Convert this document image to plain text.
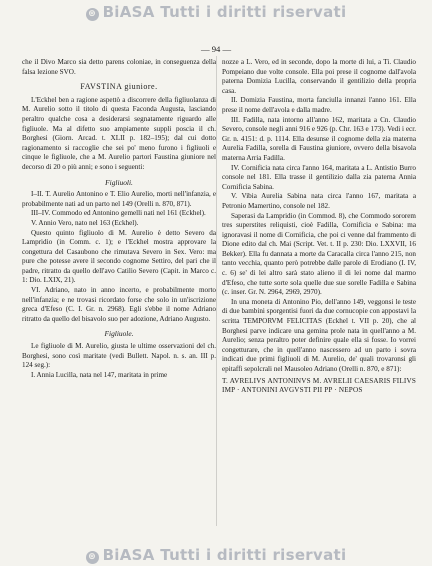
⊛ BiASA Tutti i diritti riservati
— 94 —

che il Divo Marco sia detto parens coloniae, in conseguenza della falsa lezione SVO.

FAVSTINA giuniore.

L'Eckhel ben a ragione aspettò a discorrere della figliuolanza di M. Aurelio sotto il titolo di questa Faconda Augusta, lasciando peraltro qualche cosa a desiderarsi segnatamente riguardo alle figliuole. Ma al difetto suo ampiamente suppli poscia il ch. Borghesi (Giorn. Arcad. t. XLII p. 182–195); dal cui dotto ragionamento si raccoglie che sei po' meno furono i figliuoli e cinque le figliuole, che a M. Aurelio partori Faustina giuniore nel decorso di 20 o più anni; e sono i seguenti:

Figliuoli.

I–II. T. Aurelio Antonino e T. Elio Aurelio, morti nell'infanzia, e probabilmente nati ad un parto nel 149 (Orelli n. 870, 871).

III–IV. Commodo ed Antonino gemelli nati nel 161 (Eckhel).

V. Annio Vero, nato nel 163 (Eckhel).

Questo quinto figliuolo di M. Aurelio è detto Severo da Lampridio (in Comm. c. 1); e l'Eckhel mostra approvare la congettura del Casaubono che rimutava Severo in Sex. Vero: ma pure che potesse avere il secondo cognome Settiro, del pari che il padre, ritratto da quello dell'avo Catilio Severo (Capit. in Marco c. 1: Dio. LXIX, 21).

VI. Adriano, nato in anno incerto, e probabilmente morto nell'infanzia; e ne trovasi ricordato forse che solo in un'iscrizione greca d'Efeso (C. I. Gr. n. 2968). Egli s'ebbe il nome Adriano ritratto da quello del bisavolo suo per adozione, Adriano Augusto.

Figliuole.

Le figliuole di M. Aurelio, giusta le ultime osservazioni del ch. Borghesi, sono così maritate (vedi Bullett. Napol. n. s. an. III p. 124 seg.):

I. Annia Lucilla, nata nel 147, maritata in prime

nozze a L. Vero, ed in seconde, dopo la morte di lui, a Ti. Claudio Pompeiano due volte console. Ella poi prese il cognome dall'avola paterna Domizia Lucilla, conservando il gentilizio della propria casa.

II. Domizia Faustina, morta fanciulla innanzi l'anno 161. Ella prese il nome dell'avola e dalla madre.

III. Fadilla, nata intorno all'anno 162, maritata a Cn. Claudio Severo, console negli anni 916 e 926 (p. Chr. 163 e 173). Vedi i ecr. Gr. n. 4151: d. p. 1114. Ella desunse il cognome della zia materna Aurelia Fadilla, sorella di Faustina giuniore, ovvero della bisavola materna Arria Fadilla.

IV. Cornificia nata circa l'anno 164, maritata a L. Antistio Burro console nel 181. Ella trasse il gentilizio dalla zia paterna Annia Cornificia Sabina.

V. Vibia Aurelia Sabina nata circa l'anno 167, maritata a Petronio Mamertino, console nel 182.

Saperasi da Lampridio (in Commod. 8), che Commodo sororem tres superstites reliquisti, cioè Fadilla, Cornificia e Sabina: ma ignoravasi il nome di Cornificia, che poi ci venne dal frammento di Dione edito dal ch. Mai (Script. Vet. t. II p. 230: Dio. LXXVII, 16 Bekker). Ella fu dannata a morte da Caracalla circa l'anno 215, non tanto vecchia, quanto però potrebbe dalle parole di Erodiano (I. IV, c. 6) se' di lei altro sarà stato alieno il di lei nome dal marmo d'Efeso, che tutte sorte sola quelle due sue sorelle Fadilla e Sabina (c. inser. Gr. N. 2964, 2969, 2970).

In una moneta di Antonino Pio, dell'anno 149, veggonsi le teste di due bambini sporgentisi fuori da due cornucopie con appostavi la scritta TEMPORVM FELICITAS (Eckhel t. VII p. 20), che al Borghesi parve indicare una gemina prole nata in quell'anno a M. Aurelio; senza peraltro poter definire quale ella si fosse. Io vorrei congetturare, che in quell'anno nascessero ad un parto i sovra indicati due primi figliuoli di M. Aurelio, de' quali trovaronsi gli epitaffi sepolcrali nel Mausoleo Adriano (Orelli n. 870, e 871):

T. AVRELIVS ANTONINVS M. AVRELII CAESARIS FILIVS IMP · ANTONINI AVGVSTI PII PP · NEPOS

⊛ BiASA Tutti i diritti riservati
